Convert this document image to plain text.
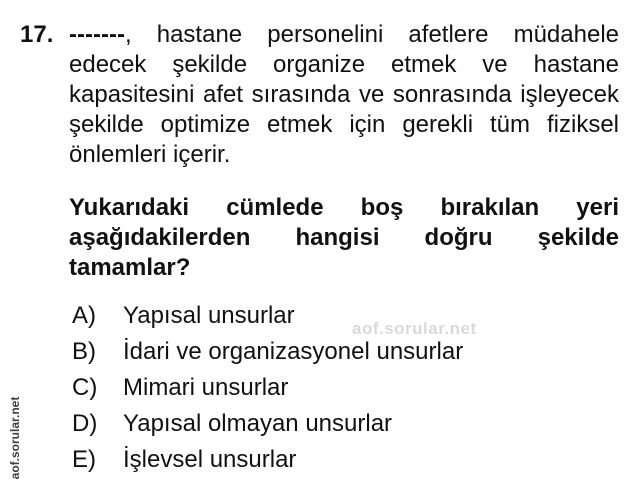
17. -------, hastane personelini afetlere müdahele edecek şekilde organize etmek ve hastane kapasitesini afet sırasında ve sonrasında işleyecek şekilde optimize etmek için gerekli tüm fiziksel önlemleri içerir.
Yukarıdaki cümlede boş bırakılan yeri aşağıdakilerden hangisi doğru şekilde tamamlar?
A)	Yapısal unsurlar
B)	İdari ve organizasyonel unsurlar
C)	Mimari unsurlar
D)	Yapısal olmayan unsurlar
E)	İşlevsel unsurlar
aof.sorular.net
aof.sorular.net
